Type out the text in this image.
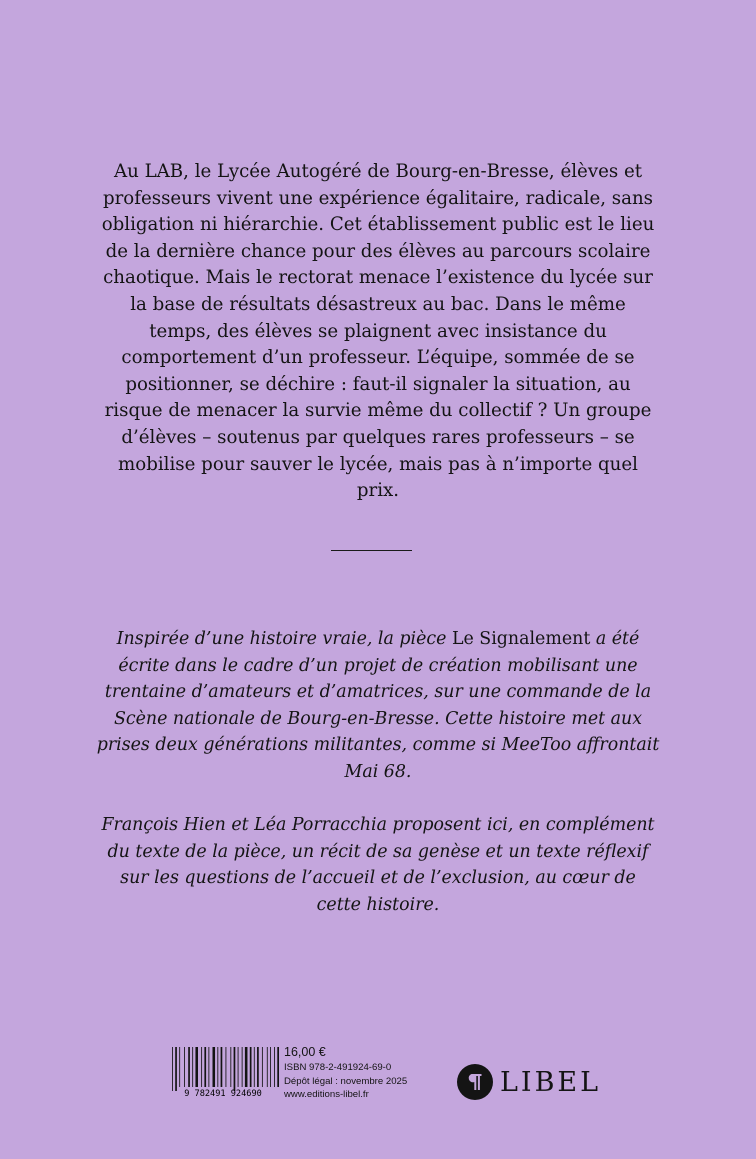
Au LAB, le Lycée Autogéré de Bourg-en-Bresse, élèves et professeurs vivent une expérience égalitaire, radicale, sans obligation ni hiérarchie. Cet établissement public est le lieu de la dernière chance pour des élèves au parcours scolaire chaotique. Mais le rectorat menace l’existence du lycée sur la base de résultats désastreux au bac. Dans le même temps, des élèves se plaignent avec insistance du comportement d’un professeur. L’équipe, sommée de se positionner, se déchire : faut-il signaler la situation, au risque de menacer la survie même du collectif ? Un groupe d’élèves – soutenus par quelques rares professeurs – se mobilise pour sauver le lycée, mais pas à n’importe quel prix.

Inspirée d’une histoire vraie, la pièce Le Signalement a été écrite dans le cadre d’un projet de création mobilisant une trentaine d’amateurs et d’amatrices, sur une commande de la Scène nationale de Bourg-en-Bresse. Cette histoire met aux prises deux générations militantes, comme si MeeToo affrontait Mai 68.

François Hien et Léa Porracchia proposent ici, en complément du texte de la pièce, un récit de sa genèse et un texte réflexif sur les questions de l’accueil et de l’exclusion, au cœur de cette histoire.

9 782491 924690
16,00 €
ISBN 978-2-491924-69-0
Dépôt légal : novembre 2025
www.editions-libel.fr	LIBEL
